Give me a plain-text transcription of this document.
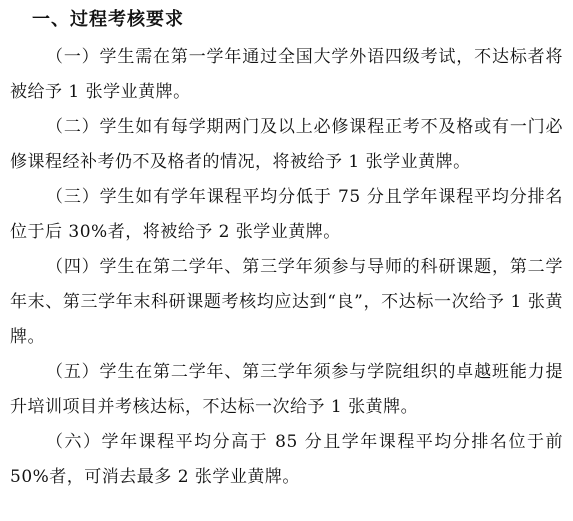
一、过程考核要求

（一）学生需在第一学年通过全国大学外语四级考试，不达标者将被给予 1 张学业黄牌。

（二）学生如有每学期两门及以上必修课程正考不及格或有一门必修课程经补考仍不及格者的情况，将被给予 1 张学业黄牌。

（三）学生如有学年课程平均分低于 75 分且学年课程平均分排名位于后 30%者，将被给予 2 张学业黄牌。

（四）学生在第二学年、第三学年须参与导师的科研课题，第二学年末、第三学年末科研课题考核均应达到“良”，不达标一次给予 1 张黄牌。

（五）学生在第二学年、第三学年须参与学院组织的卓越班能力提升培训项目并考核达标，不达标一次给予 1 张黄牌。

（六）学年课程平均分高于 85 分且学年课程平均分排名位于前 50%者，可消去最多 2 张学业黄牌。
